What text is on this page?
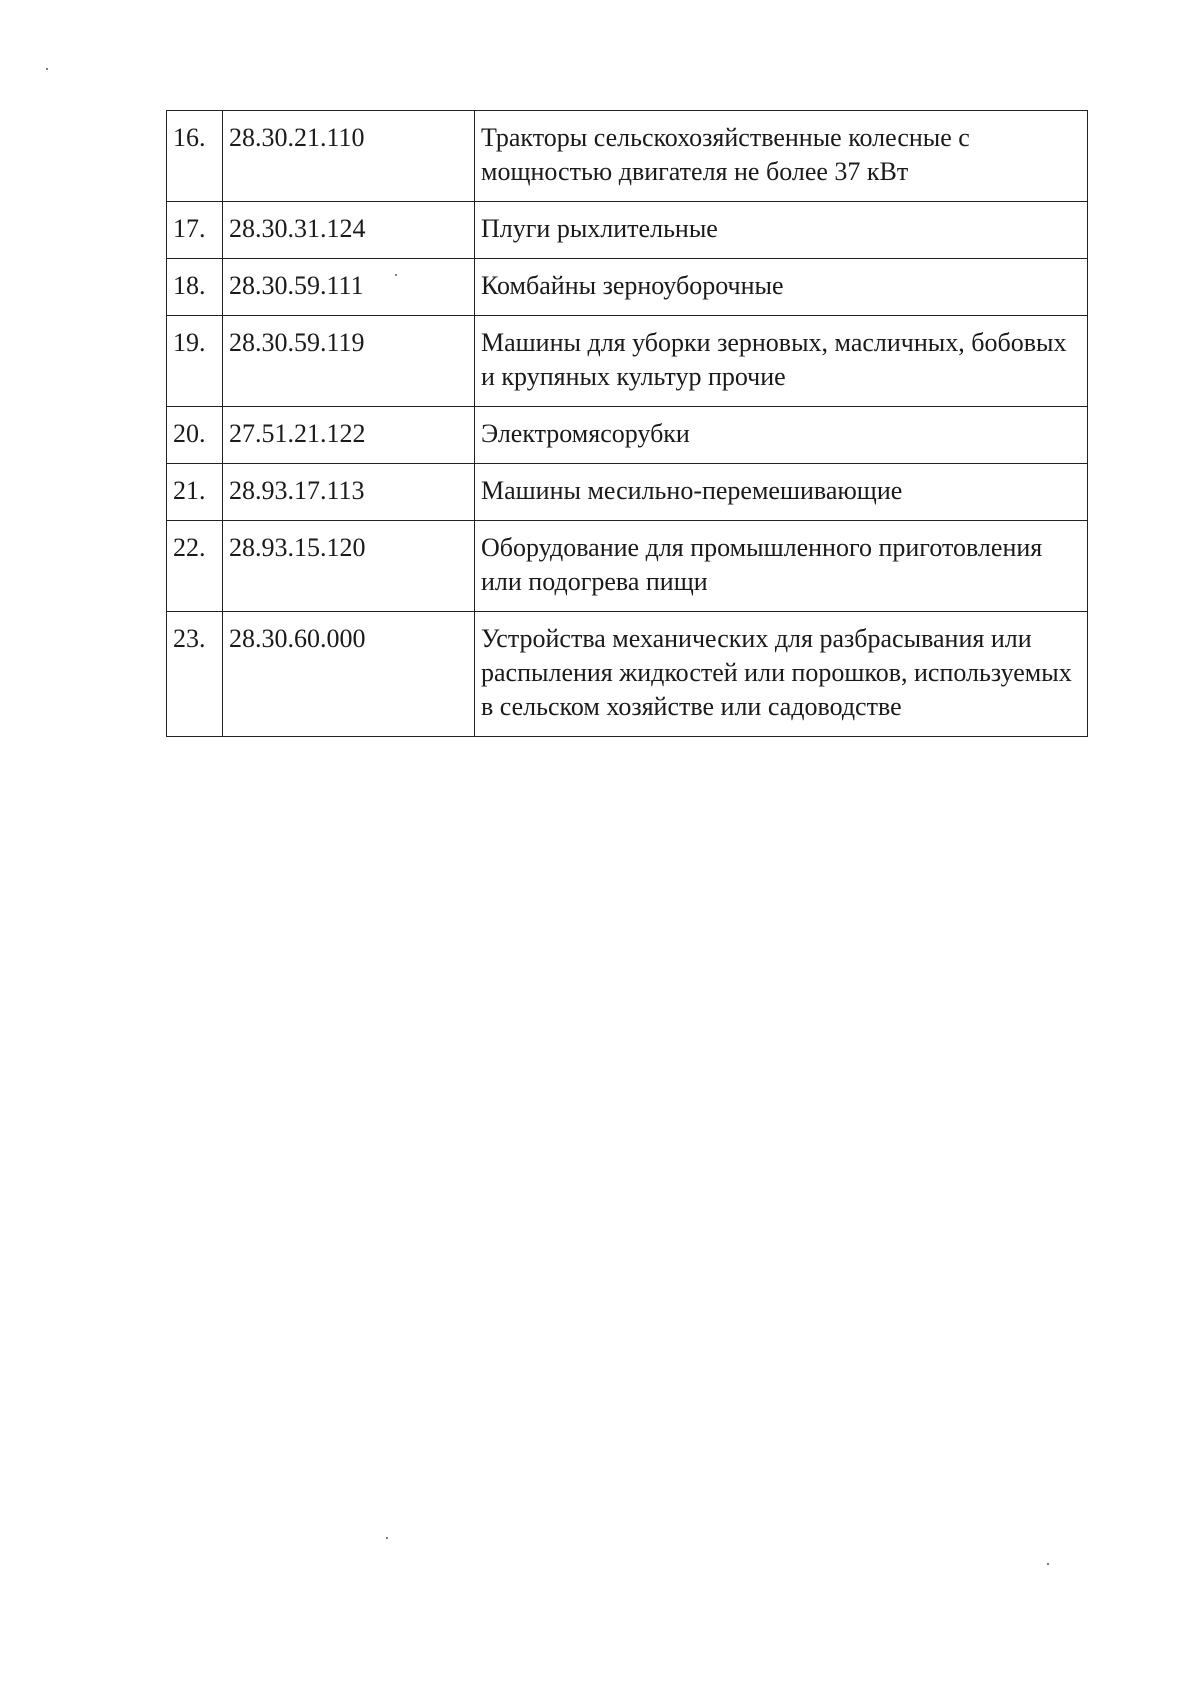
16.	28.30.21.110	Тракторы сельскохозяйственные колесные с мощностью двигателя не более 37 кВт
17.	28.30.31.124	Плуги рыхлительные
18.	28.30.59.111	Комбайны зерноуборочные
19.	28.30.59.119	Машины для уборки зерновых, масличных, бобовых и крупяных культур прочие
20.	27.51.21.122	Электромясорубки
21.	28.93.17.113	Машины месильно-перемешивающие
22.	28.93.15.120	Оборудование для промышленного приготовления или подогрева пищи
23.	28.30.60.000	Устройства механических для разбрасывания или распыления жидкостей или порошков, используемых в сельском хозяйстве или садоводстве
